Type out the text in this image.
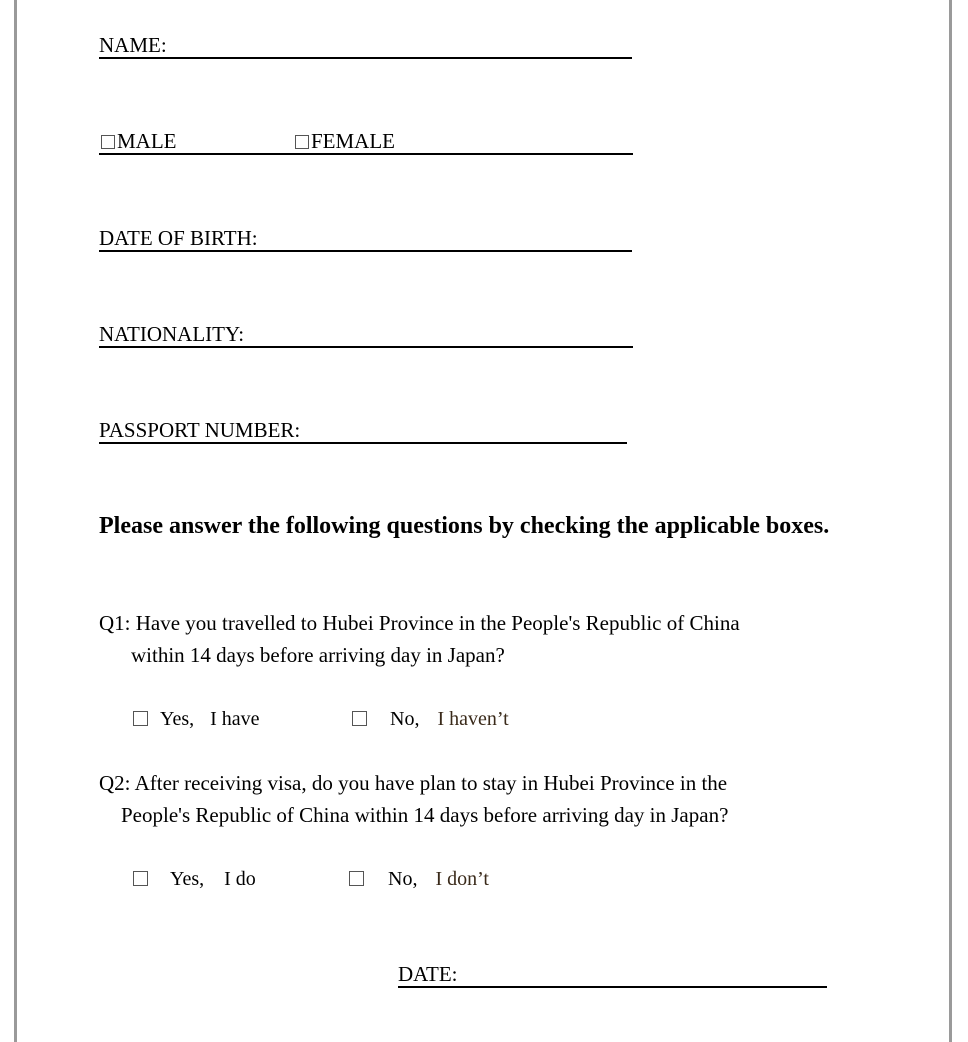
NAME:
MALE	FEMALE
DATE OF BIRTH:
NATIONALITY:
PASSPORT NUMBER:
Please answer the following questions by checking the applicable boxes.
Q1: Have you travelled to Hubei Province in the People's Republic of China
within 14 days before arriving day in Japan?
Yes, I have	No, I haven’t
Q2: After receiving visa, do you have plan to stay in Hubei Province in the
People's Republic of China within 14 days before arriving day in Japan?
Yes, I do	No, I don’t
DATE:
